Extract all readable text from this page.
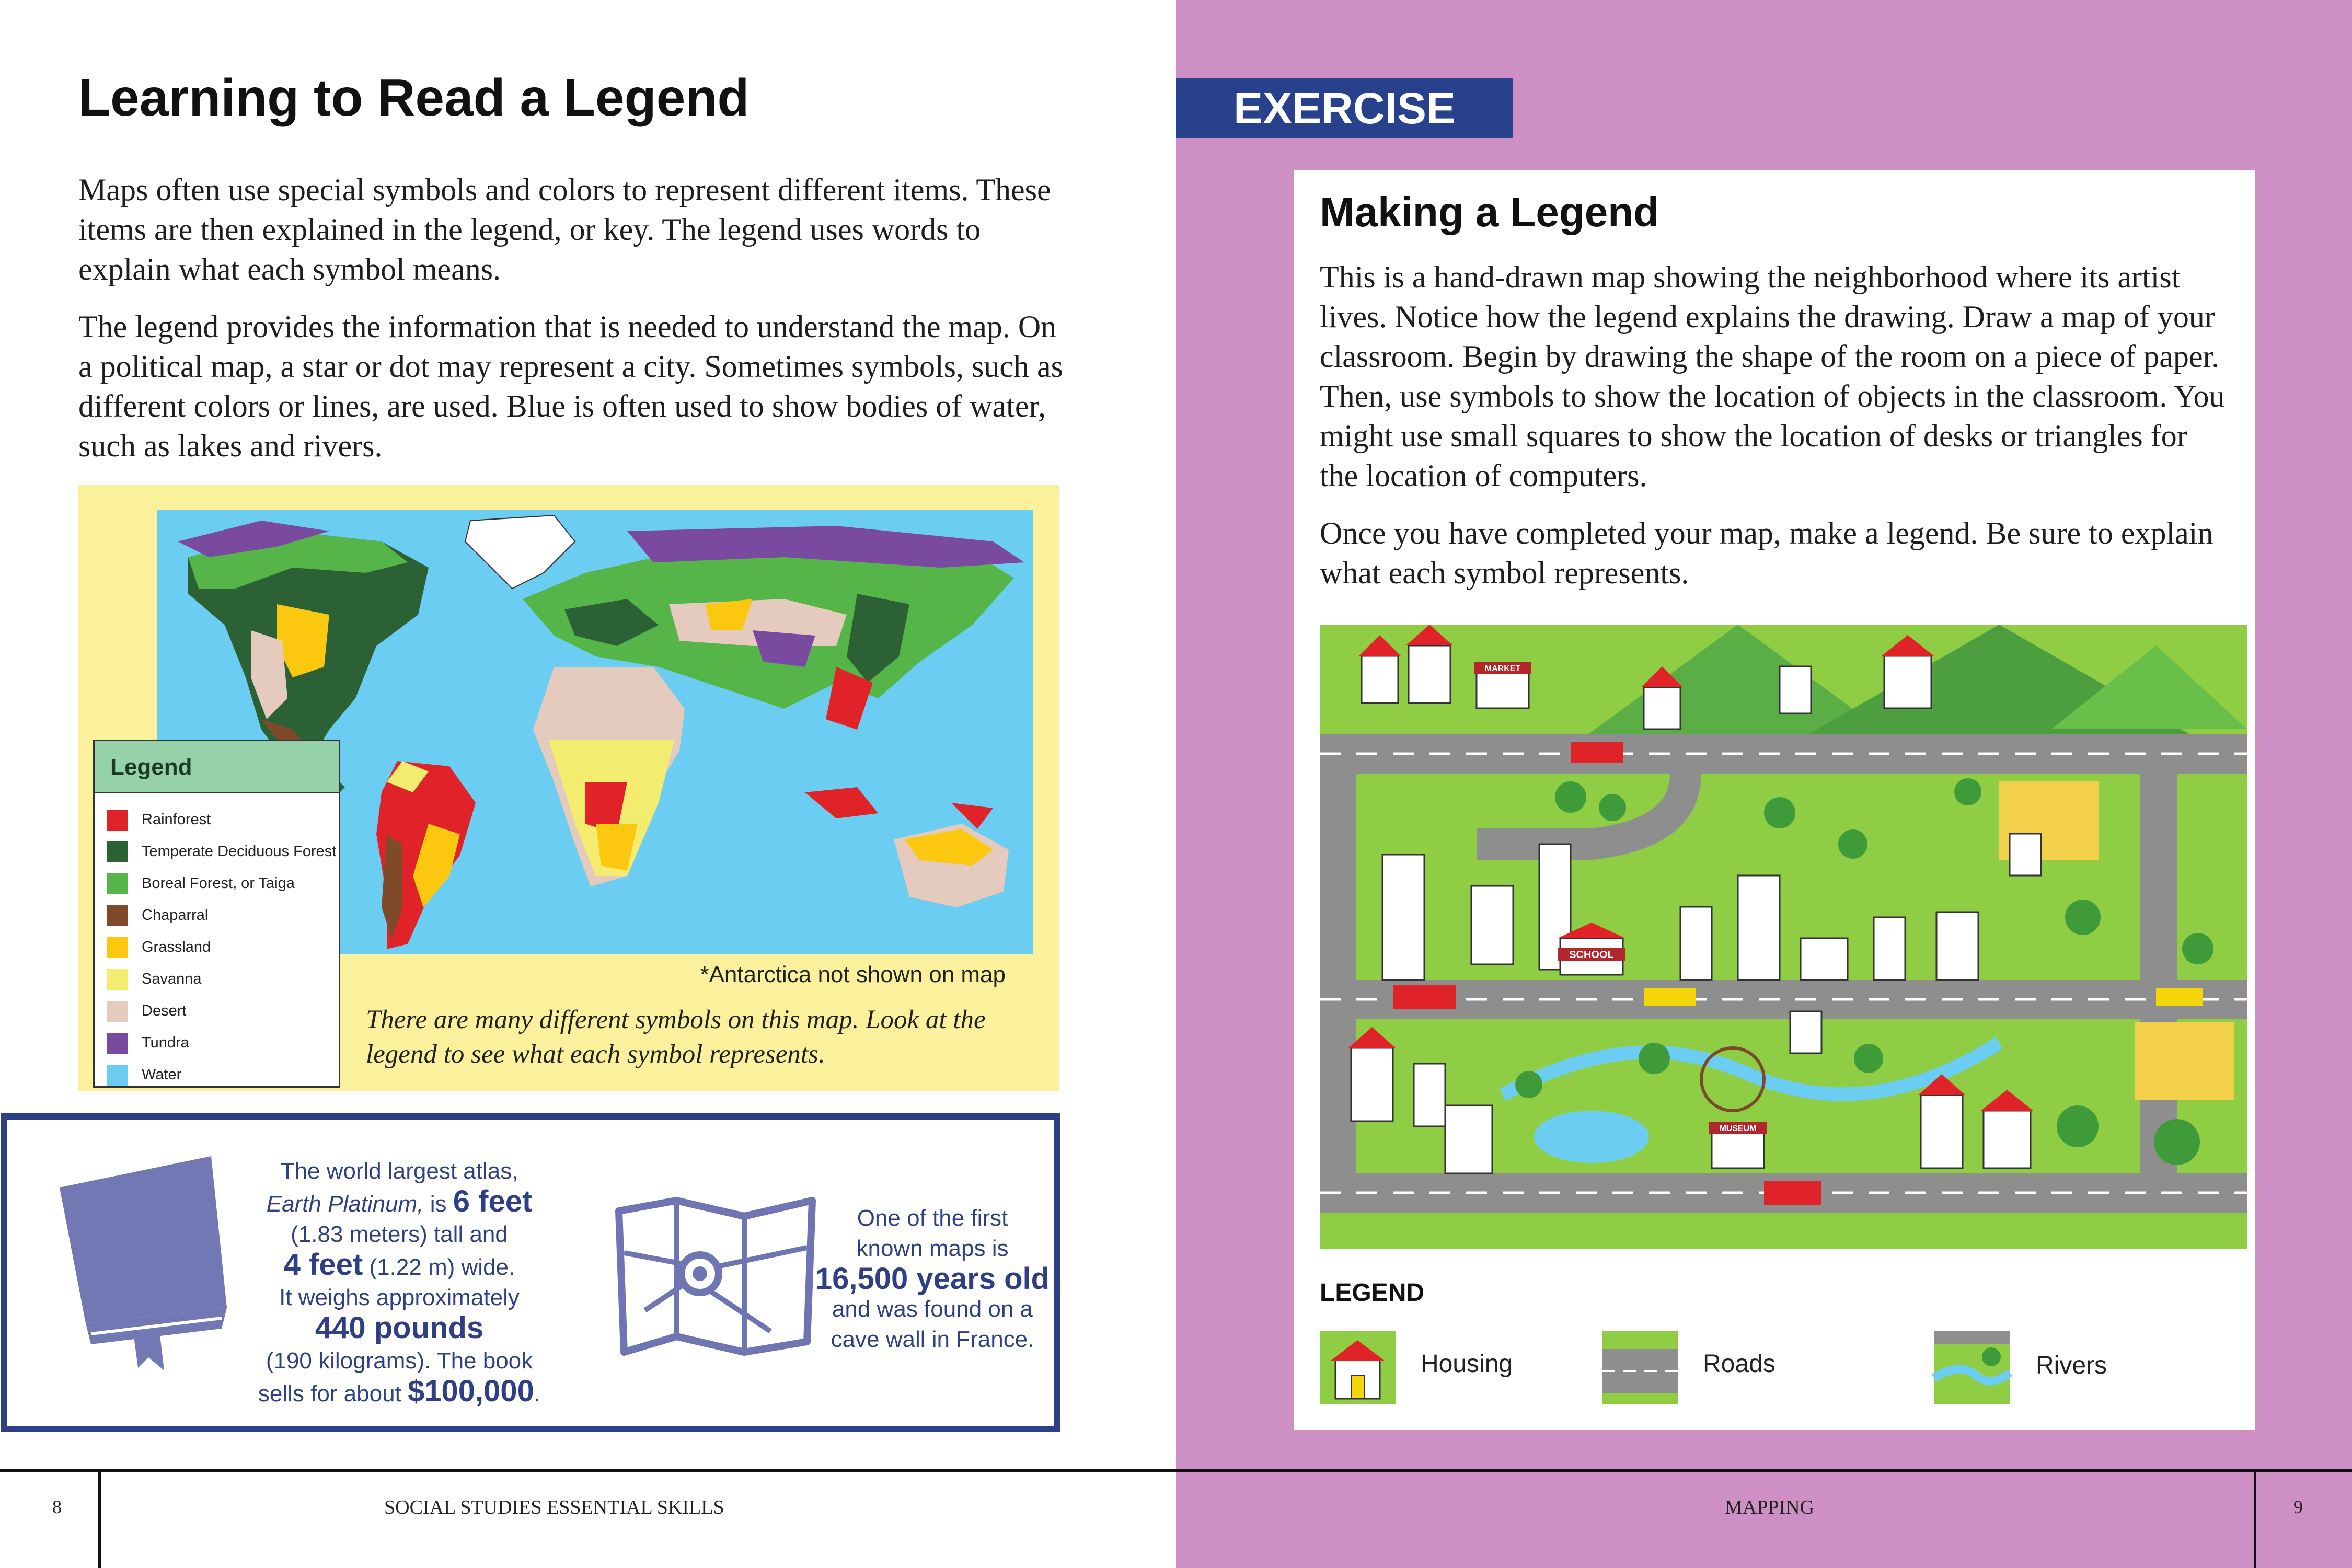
Learning to Read a Legend

Maps often use special symbols and colors to represent different items. These items are then explained in the legend, or key. The legend uses words to explain what each symbol means.

The legend provides the information that is needed to understand the map. On a political map, a star or dot may represent a city. Sometimes symbols, such as different colors or lines, are used. Blue is often used to show bodies of water, such as lakes and rivers.

*Antarctica not shown on map
Legend
Rainforest
Temperate Deciduous Forest
Boreal Forest, or Taiga
Chaparral
Grassland
Savanna
Desert
Tundra
Water
There are many different symbols on this map. Look at the legend to see what each symbol represents.
The world largest atlas,
Earth Platinum, is 6 feet
(1.83 meters) tall and
4 feet (1.22 m) wide.
It weighs approximately
440 pounds
(190 kilograms). The book
sells for about $100,000.
One of the first
known maps is
16,500 years old
and was found on a
cave wall in France.
EXERCISE
Making a Legend

This is a hand-drawn map showing the neighborhood where its artist lives. Notice how the legend explains the drawing. Draw a map of your classroom. Begin by drawing the shape of the room on a piece of paper. Then, use symbols to show the location of objects in the classroom. You might use small squares to show the location of desks or triangles for the location of computers.

Once you have completed your map, make a legend. Be sure to explain what each symbol represents.

MARKET
SCHOOL
MUSEUM
LEGEND
Housing	Roads	Rivers
8	SOCIAL STUDIES ESSENTIAL SKILLS	MAPPING	9
